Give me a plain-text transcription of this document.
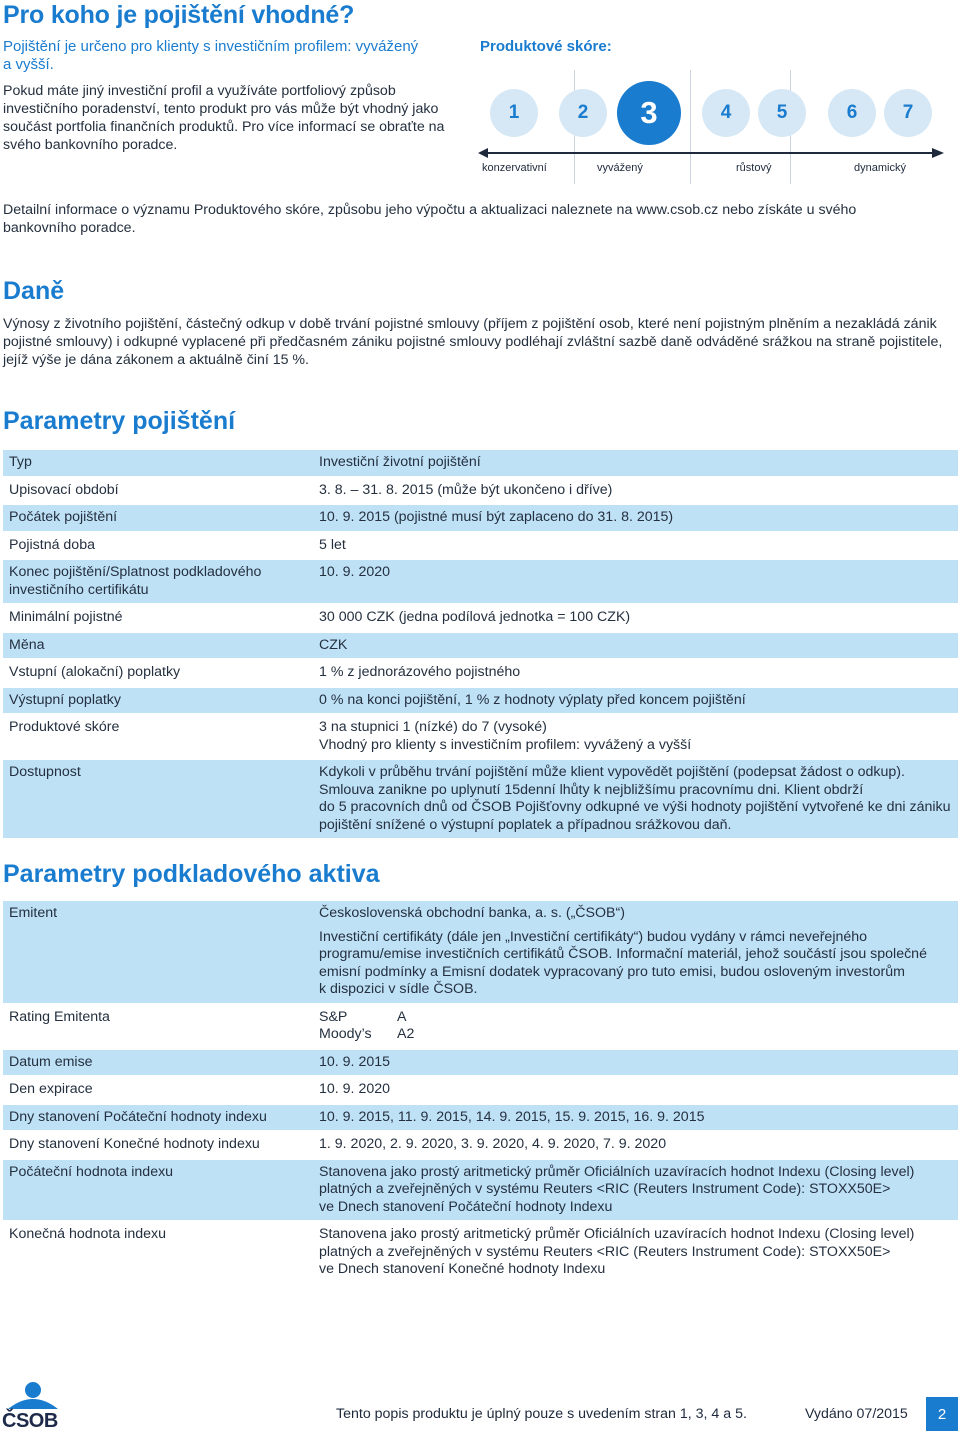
Pro koho je pojištění vhodné?
Pojištění je určeno pro klienty s investičním profilem: vyvážený a vyšší.
Pokud máte jiný investiční profil a využíváte portfoliový způsob investičního poradenství, tento produkt pro vás může být vhodný jako součást portfolia finančních produktů. Pro více informací se obraťte na svého bankovního poradce.
Produktové skóre:
1	2	3	4	5	6	7
konzervativní	vyvážený	růstový	dynamický
Detailní informace o významu Produktového skóre, způsobu jeho výpočtu a aktualizaci naleznete na www.csob.cz nebo získáte u svého bankovního poradce.
Daně
Výnosy z životního pojištění, částečný odkup v době trvání pojistné smlouvy (příjem z pojištění osob, které není pojistným plněním a nezakládá zánik pojistné smlouvy) i odkupné vyplacené při předčasném zániku pojistné smlouvy podléhají zvláštní sazbě daně odváděné srážkou na straně pojistitele, jejíž výše je dána zákonem a aktuálně činí 15 %.
Parametry pojištění
Typ	Investiční životní pojištění
Upisovací období	3. 8. – 31. 8. 2015 (může být ukončeno i dříve)
Počátek pojištění	10. 9. 2015 (pojistné musí být zaplaceno do 31. 8. 2015)
Pojistná doba	5 let
Konec pojištění/Splatnost podkladového investičního certifikátu	10. 9. 2020
Minimální pojistné	30 000 CZK (jedna podílová jednotka = 100 CZK)
Měna	CZK
Vstupní (alokační) poplatky	1 % z jednorázového pojistného
Výstupní poplatky	0 % na konci pojištění, 1 % z hodnoty výplaty před koncem pojištění
Produktové skóre	3 na stupnici 1 (nízké) do 7 (vysoké)
Vhodný pro klienty s investičním profilem: vyvážený a vyšší
Dostupnost	Kdykoli v průběhu trvání pojištění může klient vypovědět pojištění (podepsat žádost o odkup). Smlouva zanikne po uplynutí 15denní lhůty k nejbližšímu pracovnímu dni. Klient obdrží
do 5 pracovních dnů od ČSOB Pojišťovny odkupné ve výši hodnoty pojištění vytvořené ke dni zániku pojištění snížené o výstupní poplatek a případnou srážkovou daň.
Parametry podkladového aktiva
Emitent	Československá obchodní banka, a. s. („ČSOB“)
Investiční certifikáty (dále jen „Investiční certifikáty“) budou vydány v rámci neveřejného programu/emise investičních certifikátů ČSOB. Informační materiál, jehož součástí jsou společné emisní podmínky a Emisní dodatek vypracovaný pro tuto emisi, budou osloveným investorům
k dispozici v sídle ČSOB.

Rating Emitenta	S&P A
Moody’s A2

Datum emise	10. 9. 2015
Den expirace	10. 9. 2020
Dny stanovení Počáteční hodnoty indexu	10. 9. 2015, 11. 9. 2015, 14. 9. 2015, 15. 9. 2015, 16. 9. 2015
Dny stanovení Konečné hodnoty indexu	1. 9. 2020, 2. 9. 2020, 3. 9. 2020, 4. 9. 2020, 7. 9. 2020
Počáteční hodnota indexu	Stanovena jako prostý aritmetický průměr Oficiálních uzavíracích hodnot Indexu (Closing level) platných a zveřejněných v systému Reuters <RIC (Reuters Instrument Code): STOXX50E>
ve Dnech stanovení Počáteční hodnoty Indexu
Konečná hodnota indexu	Stanovena jako prostý aritmetický průměr Oficiálních uzavíracích hodnot Indexu (Closing level) platných a zveřejněných v systému Reuters <RIC (Reuters Instrument Code): STOXX50E>
ve Dnech stanovení Konečné hodnoty Indexu
ČSOB	Tento popis produktu je úplný pouze s uvedením stran 1, 3, 4 a 5.	Vydáno 07/2015	2
